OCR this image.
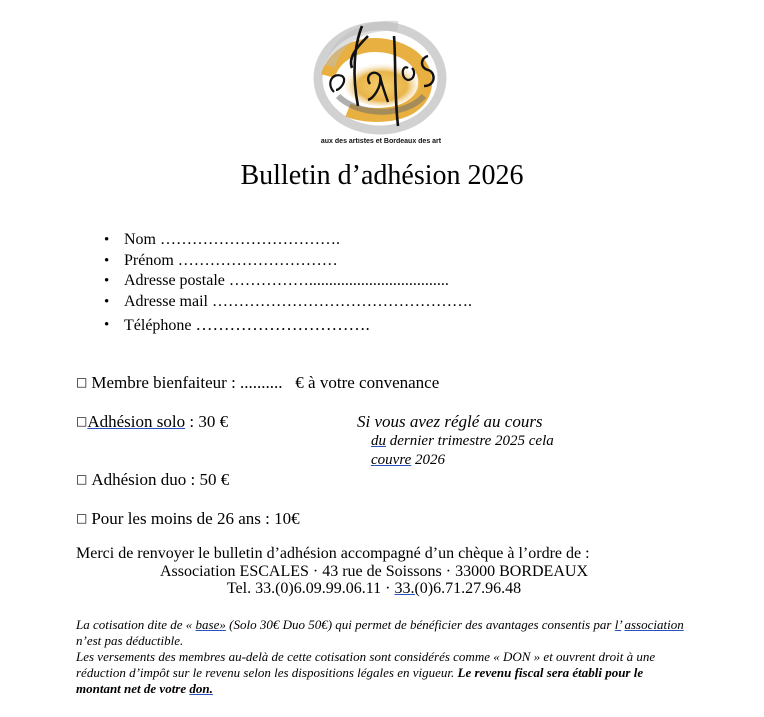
aux des artistes et Bordeaux des art
Bulletin d’adhésion 2026
• Nom …………………………….
• Prénom …………………………
• Adresse postale ……………...................................
• Adresse mail ………………………………………….
• Téléphone ………………………….
□ Membre bienfaiteur : .......... € à votre convenance
□Adhésion solo : 30 €	Si vous avez réglé au cours
du dernier trimestre 2025 cela
couvre 2026
□ Adhésion duo : 50 €
□ Pour les moins de 26 ans : 10€
Merci de renvoyer le bulletin d’adhésion accompagné d’un chèque à l’ordre de :
Association ESCALES · 43 rue de Soissons · 33000 BORDEAUX
Tel. 33.(0)6.09.99.06.11 · 33.(0)6.71.27.96.48

La cotisation dite de « base» (Solo 30€ Duo 50€) qui permet de bénéficier des avantages consentis par l’ association n’est pas déductible.

Les versements des membres au-delà de cette cotisation sont considérés comme « DON » et ouvrent droit à une réduction d’impôt sur le revenu selon les dispositions légales en vigueur. Le revenu fiscal sera établi pour le montant net de votre don.
